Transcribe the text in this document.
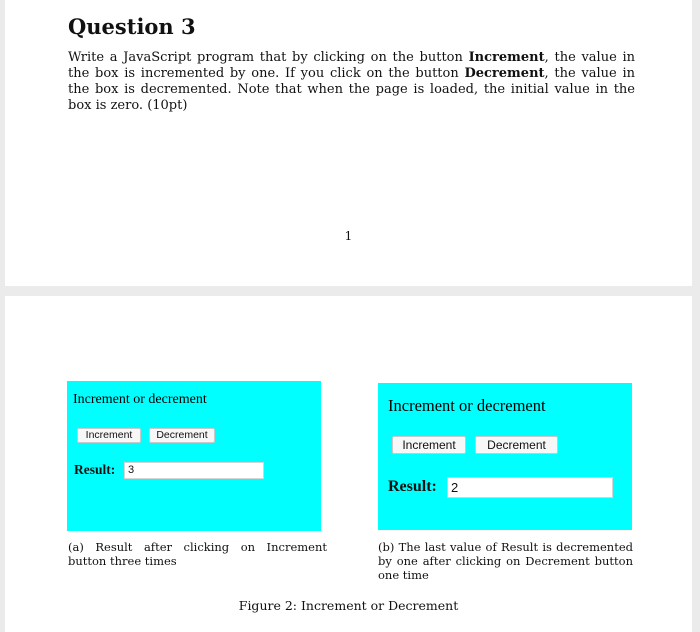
Question 3

Write a JavaScript program that by clicking on the button Increment, the value in the box is incremented by one. If you click on the button Decrement, the value in the box is decremented. Note that when the page is loaded, the initial value in the box is zero. (10pt)

1
Increment or decrement
Increment	Decrement
Result:	3

(a) Result after clicking on Increment button three times

Increment or decrement
Increment	Decrement
Result:	2

(b) The last value of Result is decremented by one after clicking on Decrement button one time

Figure 2: Increment or Decrement
